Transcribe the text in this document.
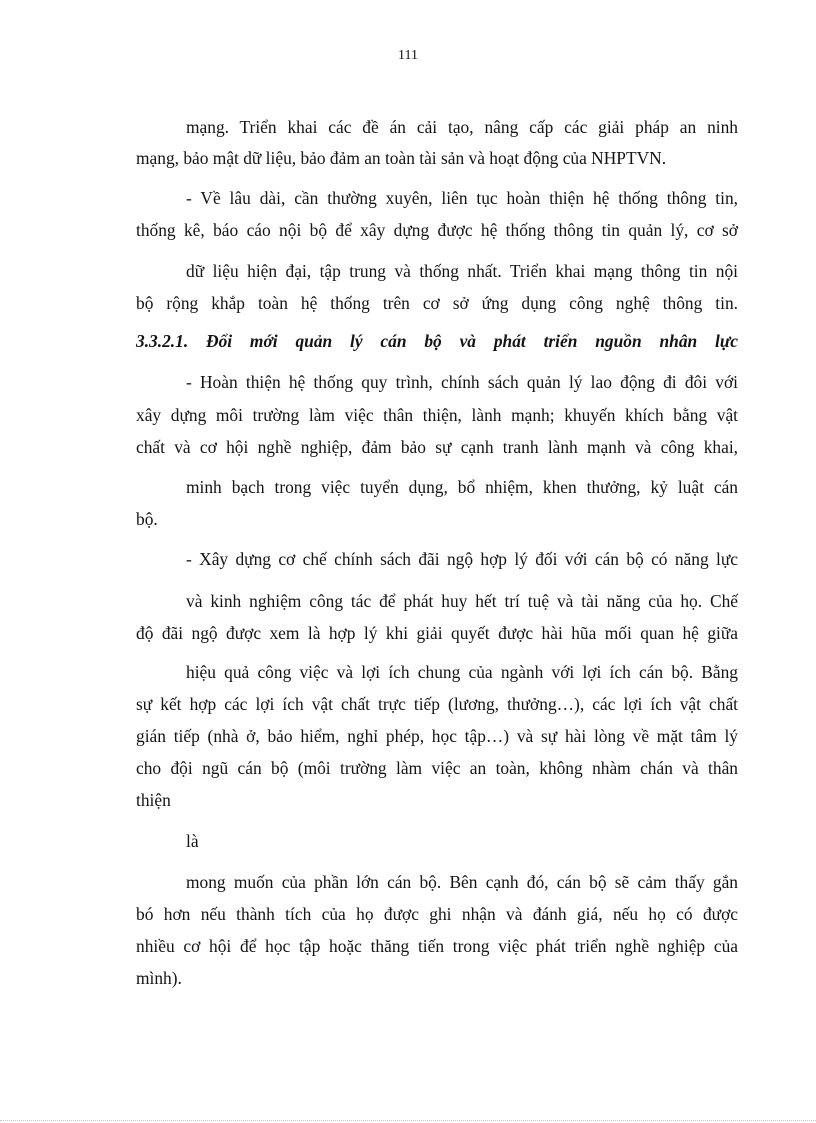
111
mạng. Triển khai các đề án cải tạo, nâng cấp các giải pháp an ninh
mạng, bảo mật dữ liệu, bảo đảm an toàn tài sản và hoạt động của NHPTVN.
- Về lâu dài, cần thường xuyên, liên tục hoàn thiện hệ thống thông tin,
thống kê, báo cáo nội bộ để xây dựng được hệ thống thông tin quản lý, cơ sở
dữ liệu hiện đại, tập trung và thống nhất. Triển khai mạng thông tin nội
bộ rộng khắp toàn hệ thống trên cơ sở ứng dụng công nghệ thông tin.
3.3.2.1. Đổi mới quản lý cán bộ và phát triển nguồn nhân lực
- Hoàn thiện hệ thống quy trình, chính sách quản lý lao động đi đôi với
xây dựng môi trường làm việc thân thiện, lành mạnh; khuyến khích bằng vật
chất và cơ hội nghề nghiệp, đảm bảo sự cạnh tranh lành mạnh và công khai,
minh bạch trong việc tuyển dụng, bổ nhiệm, khen thưởng, kỷ luật cán
bộ.
- Xây dựng cơ chế chính sách đãi ngộ hợp lý đối với cán bộ có năng lực
và kinh nghiệm công tác để phát huy hết trí tuệ và tài năng của họ. Chế
độ đãi ngộ được xem là hợp lý khi giải quyết được hài hũa mối quan hệ giữa
hiệu quả công việc và lợi ích chung của ngành với lợi ích cán bộ. Bằng
sự kết hợp các lợi ích vật chất trực tiếp (lương, thưởng…), các lợi ích vật chất
gián tiếp (nhà ở, bảo hiểm, nghỉ phép, học tập…) và sự hài lòng về mặt tâm lý
cho đội ngũ cán bộ (môi trường làm việc an toàn, không nhàm chán và thân
thiện
là
mong muốn của phần lớn cán bộ. Bên cạnh đó, cán bộ sẽ cảm thấy gắn
bó hơn nếu thành tích của họ được ghi nhận và đánh giá, nếu họ có được
nhiều cơ hội để học tập hoặc thăng tiến trong việc phát triển nghề nghiệp của
mình).
